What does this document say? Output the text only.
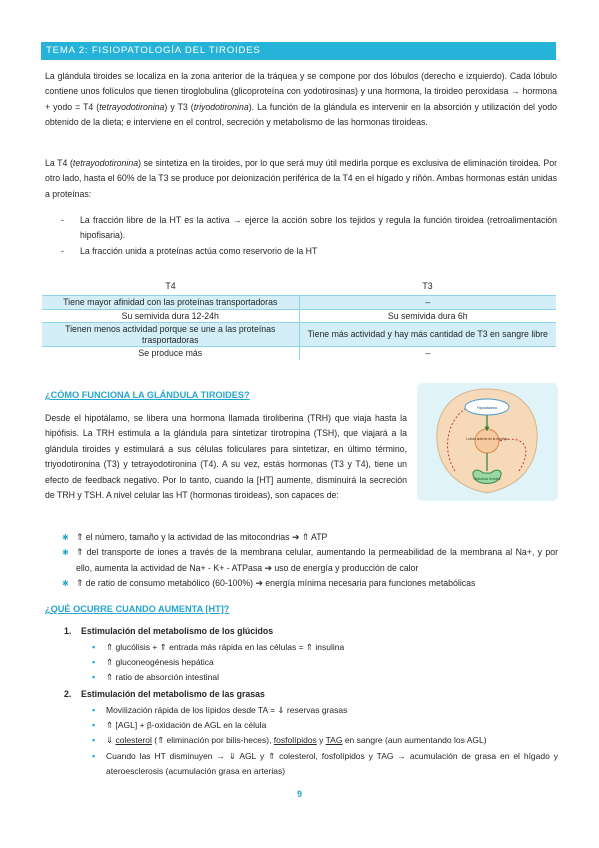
TEMA 2: FISIOPATOLOGÍA DEL TIROIDES

La glándula tiroides se localiza en la zona anterior de la tráquea y se compone por dos lóbulos (derecho e izquierdo). Cada lóbulo contiene unos folículos que tienen tiroglobulina (glicoproteína con yodotirosinas) y una hormona, la tiroideo peroxidasa → hormona + yodo = T4 (tetrayodotironina) y T3 (triyodotironina). La función de la glándula es intervenir en la absorción y utilización del yodo obtenido de la dieta; e interviene en el control, secreción y metabolismo de las hormonas tiroideas.

La T4 (tetrayodotironina) se sintetiza en la tiroides, por lo que será muy útil medirla porque es exclusiva de eliminación tiroidea. Por otro lado, hasta el 60% de la T3 se produce por deionización periférica de la T4 en el hígado y riñón. Ambas hormonas están unidas a proteínas:

- La fracción libre de la HT es la activa → ejerce la acción sobre los tejidos y regula la función tiroidea (retroalimentación hipofisaria).
- La fracción unida a proteínas actúa como reservorio de la HT
T4	T3
Tiene mayor afinidad con las proteínas transportadoras	–
Su semivida dura 12-24h	Su semivida dura 6h
Tienen menos actividad porque se une a las proteínas trasportadoras	Tiene más actividad y hay más cantidad de T3 en sangre libre
Se produce más	–

¿CÓMO FUNCIONA LA GLÁNDULA TIROIDES?

Desde el hipotálamo, se libera una hormona llamada tiroliberina (TRH) que viaja hasta la hipófisis. La TRH estimula a la glándula para sintetizar tirotropina (TSH), que viajará a la glándula tiroides y estimulará a sus células foliculares para sintetizar, en último término, triyodotironina (T3) y tetrayodotironina (T4). A su vez, estás hormonas (T3 y T4), tiene un efecto de feedback negativo. Por lo tanto, cuando la [HT] aumente, disminuirá la secreción de TRH y TSH. A nivel celular las HT (hormonas tiroideas), son capaces de:

Hipotálamo
Lóbulo anterior de la hipófisis
Glándula tiroides
✱ ⇑ el número, tamaño y la actividad de las mitocondrias ➔ ⇑ ATP
✱ ⇑ del transporte de iones a través de la membrana celular, aumentando la permeabilidad de la membrana al Na+, y por ello, aumenta la actividad de Na+ - K+ - ATPasa ➔ uso de energía y producción de calor
✱ ⇑ de ratio de consumo metabólico (60-100%) ➔ energía mínima necesaria para funciones metabólicas

¿QUÉ OCURRE CUANDO AUMENTA [HT]?

1. Estimulación del metabolismo de los glúcidos

▪ ⇑ glucólisis + ⇑ entrada más rápida en las células = ⇑ insulina
▪ ⇑ gluconeogénesis hepática
▪ ⇑ ratio de absorción intestinal

2. Estimulación del metabolismo de las grasas

▪ Movilización rápida de los lípidos desde TA = ⇓ reservas grasas
▪ ⇑ [AGL] + β-oxidación de AGL en la célula
▪ ⇓ colesterol (⇑ eliminación por bilis-heces), fosfolípidos y TAG en sangre (aun aumentando los AGL)
▪ Cuando las HT disminuyen → ⇓ AGL y ⇑ colesterol, fosfolípidos y TAG → acumulación de grasa en el hígado y ateroesclerosis (acumulación grasa en arterias)
9
